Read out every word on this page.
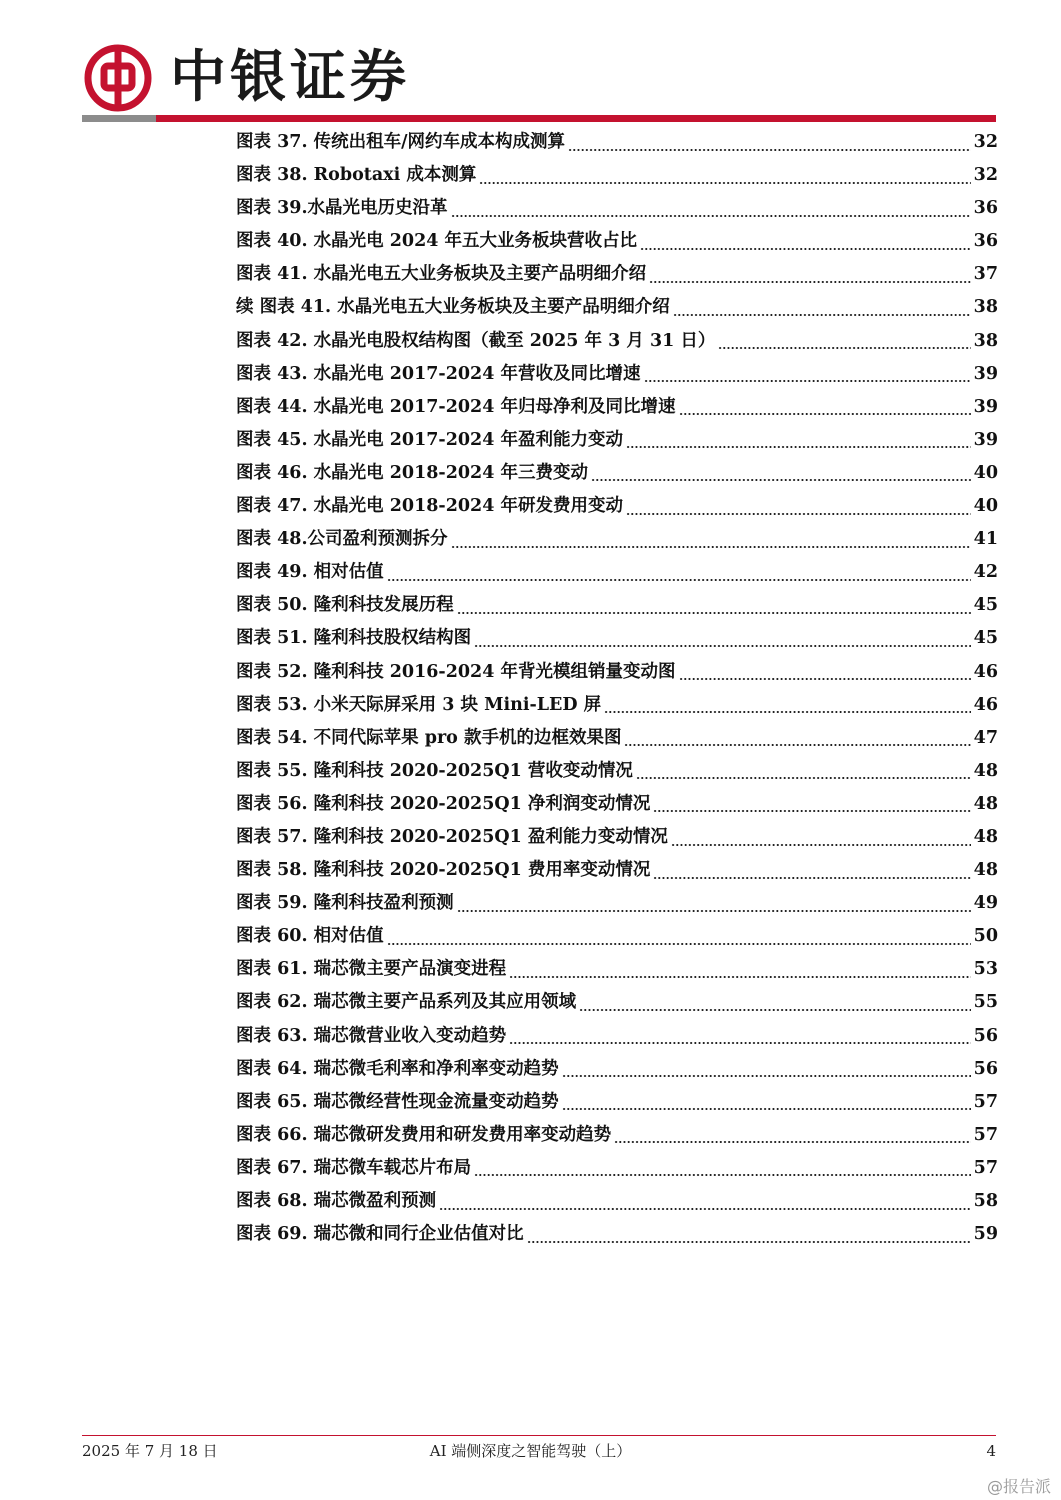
中银证券
图表 37. 传统出租车/网约车成本构成测算	32
图表 38. Robotaxi 成本测算	32
图表 39.水晶光电历史沿革	36
图表 40. 水晶光电 2024 年五大业务板块营收占比	36
图表 41. 水晶光电五大业务板块及主要产品明细介绍	37
续 图表 41. 水晶光电五大业务板块及主要产品明细介绍	38
图表 42. 水晶光电股权结构图（截至 2025 年 3 月 31 日）	38
图表 43. 水晶光电 2017-2024 年营收及同比增速	39
图表 44. 水晶光电 2017-2024 年归母净利及同比增速	39
图表 45. 水晶光电 2017-2024 年盈利能力变动	39
图表 46. 水晶光电 2018-2024 年三费变动	40
图表 47. 水晶光电 2018-2024 年研发费用变动	40
图表 48.公司盈利预测拆分	41
图表 49. 相对估值	42
图表 50. 隆利科技发展历程	45
图表 51. 隆利科技股权结构图	45
图表 52. 隆利科技 2016-2024 年背光模组销量变动图	46
图表 53. 小米天际屏采用 3 块 Mini-LED 屏	46
图表 54. 不同代际苹果 pro 款手机的边框效果图	47
图表 55. 隆利科技 2020-2025Q1 营收变动情况	48
图表 56. 隆利科技 2020-2025Q1 净利润变动情况	48
图表 57. 隆利科技 2020-2025Q1 盈利能力变动情况	48
图表 58. 隆利科技 2020-2025Q1 费用率变动情况	48
图表 59. 隆利科技盈利预测	49
图表 60. 相对估值	50
图表 61. 瑞芯微主要产品演变进程	53
图表 62. 瑞芯微主要产品系列及其应用领域	55
图表 63. 瑞芯微营业收入变动趋势	56
图表 64. 瑞芯微毛利率和净利率变动趋势	56
图表 65. 瑞芯微经营性现金流量变动趋势	57
图表 66. 瑞芯微研发费用和研发费用率变动趋势	57
图表 67. 瑞芯微车载芯片布局	57
图表 68. 瑞芯微盈利预测	58
图表 69. 瑞芯微和同行企业估值对比	59
2025 年 7 月 18 日	AI 端侧深度之智能驾驶（上）	4
@报告派
